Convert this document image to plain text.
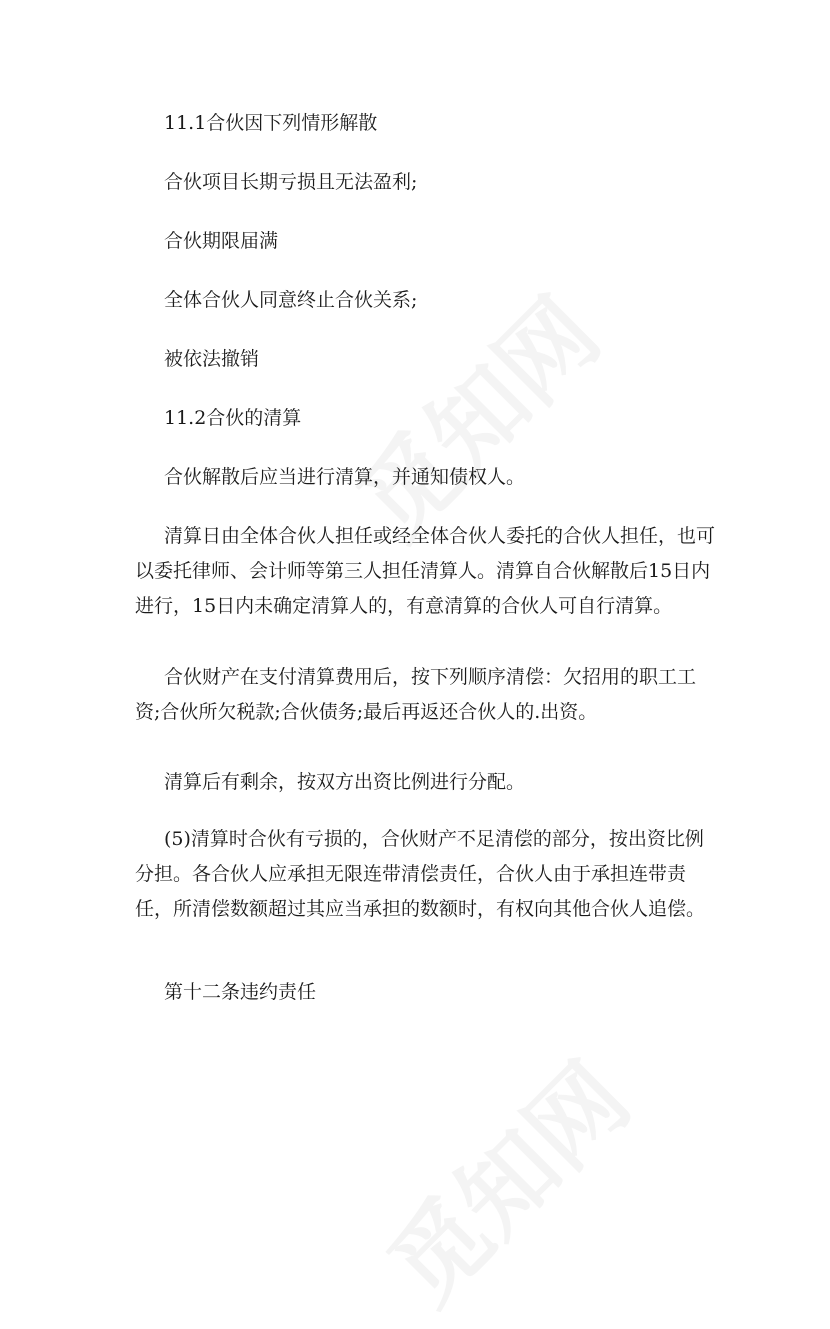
11.1合伙因下列情形解散

合伙项目长期亏损且无法盈利;

合伙期限届满

全体合伙人同意终止合伙关系;

被依法撤销

11.2合伙的清算

合伙解散后应当进行清算，并通知债权人。

清算日由全体合伙人担任或经全体合伙人委托的合伙人担任，也可以委托律师、会计师等第三人担任清算人。清算自合伙解散后15日内进行，15日内未确定清算人的，有意清算的合伙人可自行清算。

合伙财产在支付清算费用后，按下列顺序清偿：欠招用的职工工资;合伙所欠税款;合伙债务;最后再返还合伙人的.出资。

清算后有剩余，按双方出资比例进行分配。

(5)清算时合伙有亏损的，合伙财产不足清偿的部分，按出资比例分担。各合伙人应承担无限连带清偿责任，合伙人由于承担连带责任，所清偿数额超过其应当承担的数额时，有权向其他合伙人追偿。

第十二条违约责任
